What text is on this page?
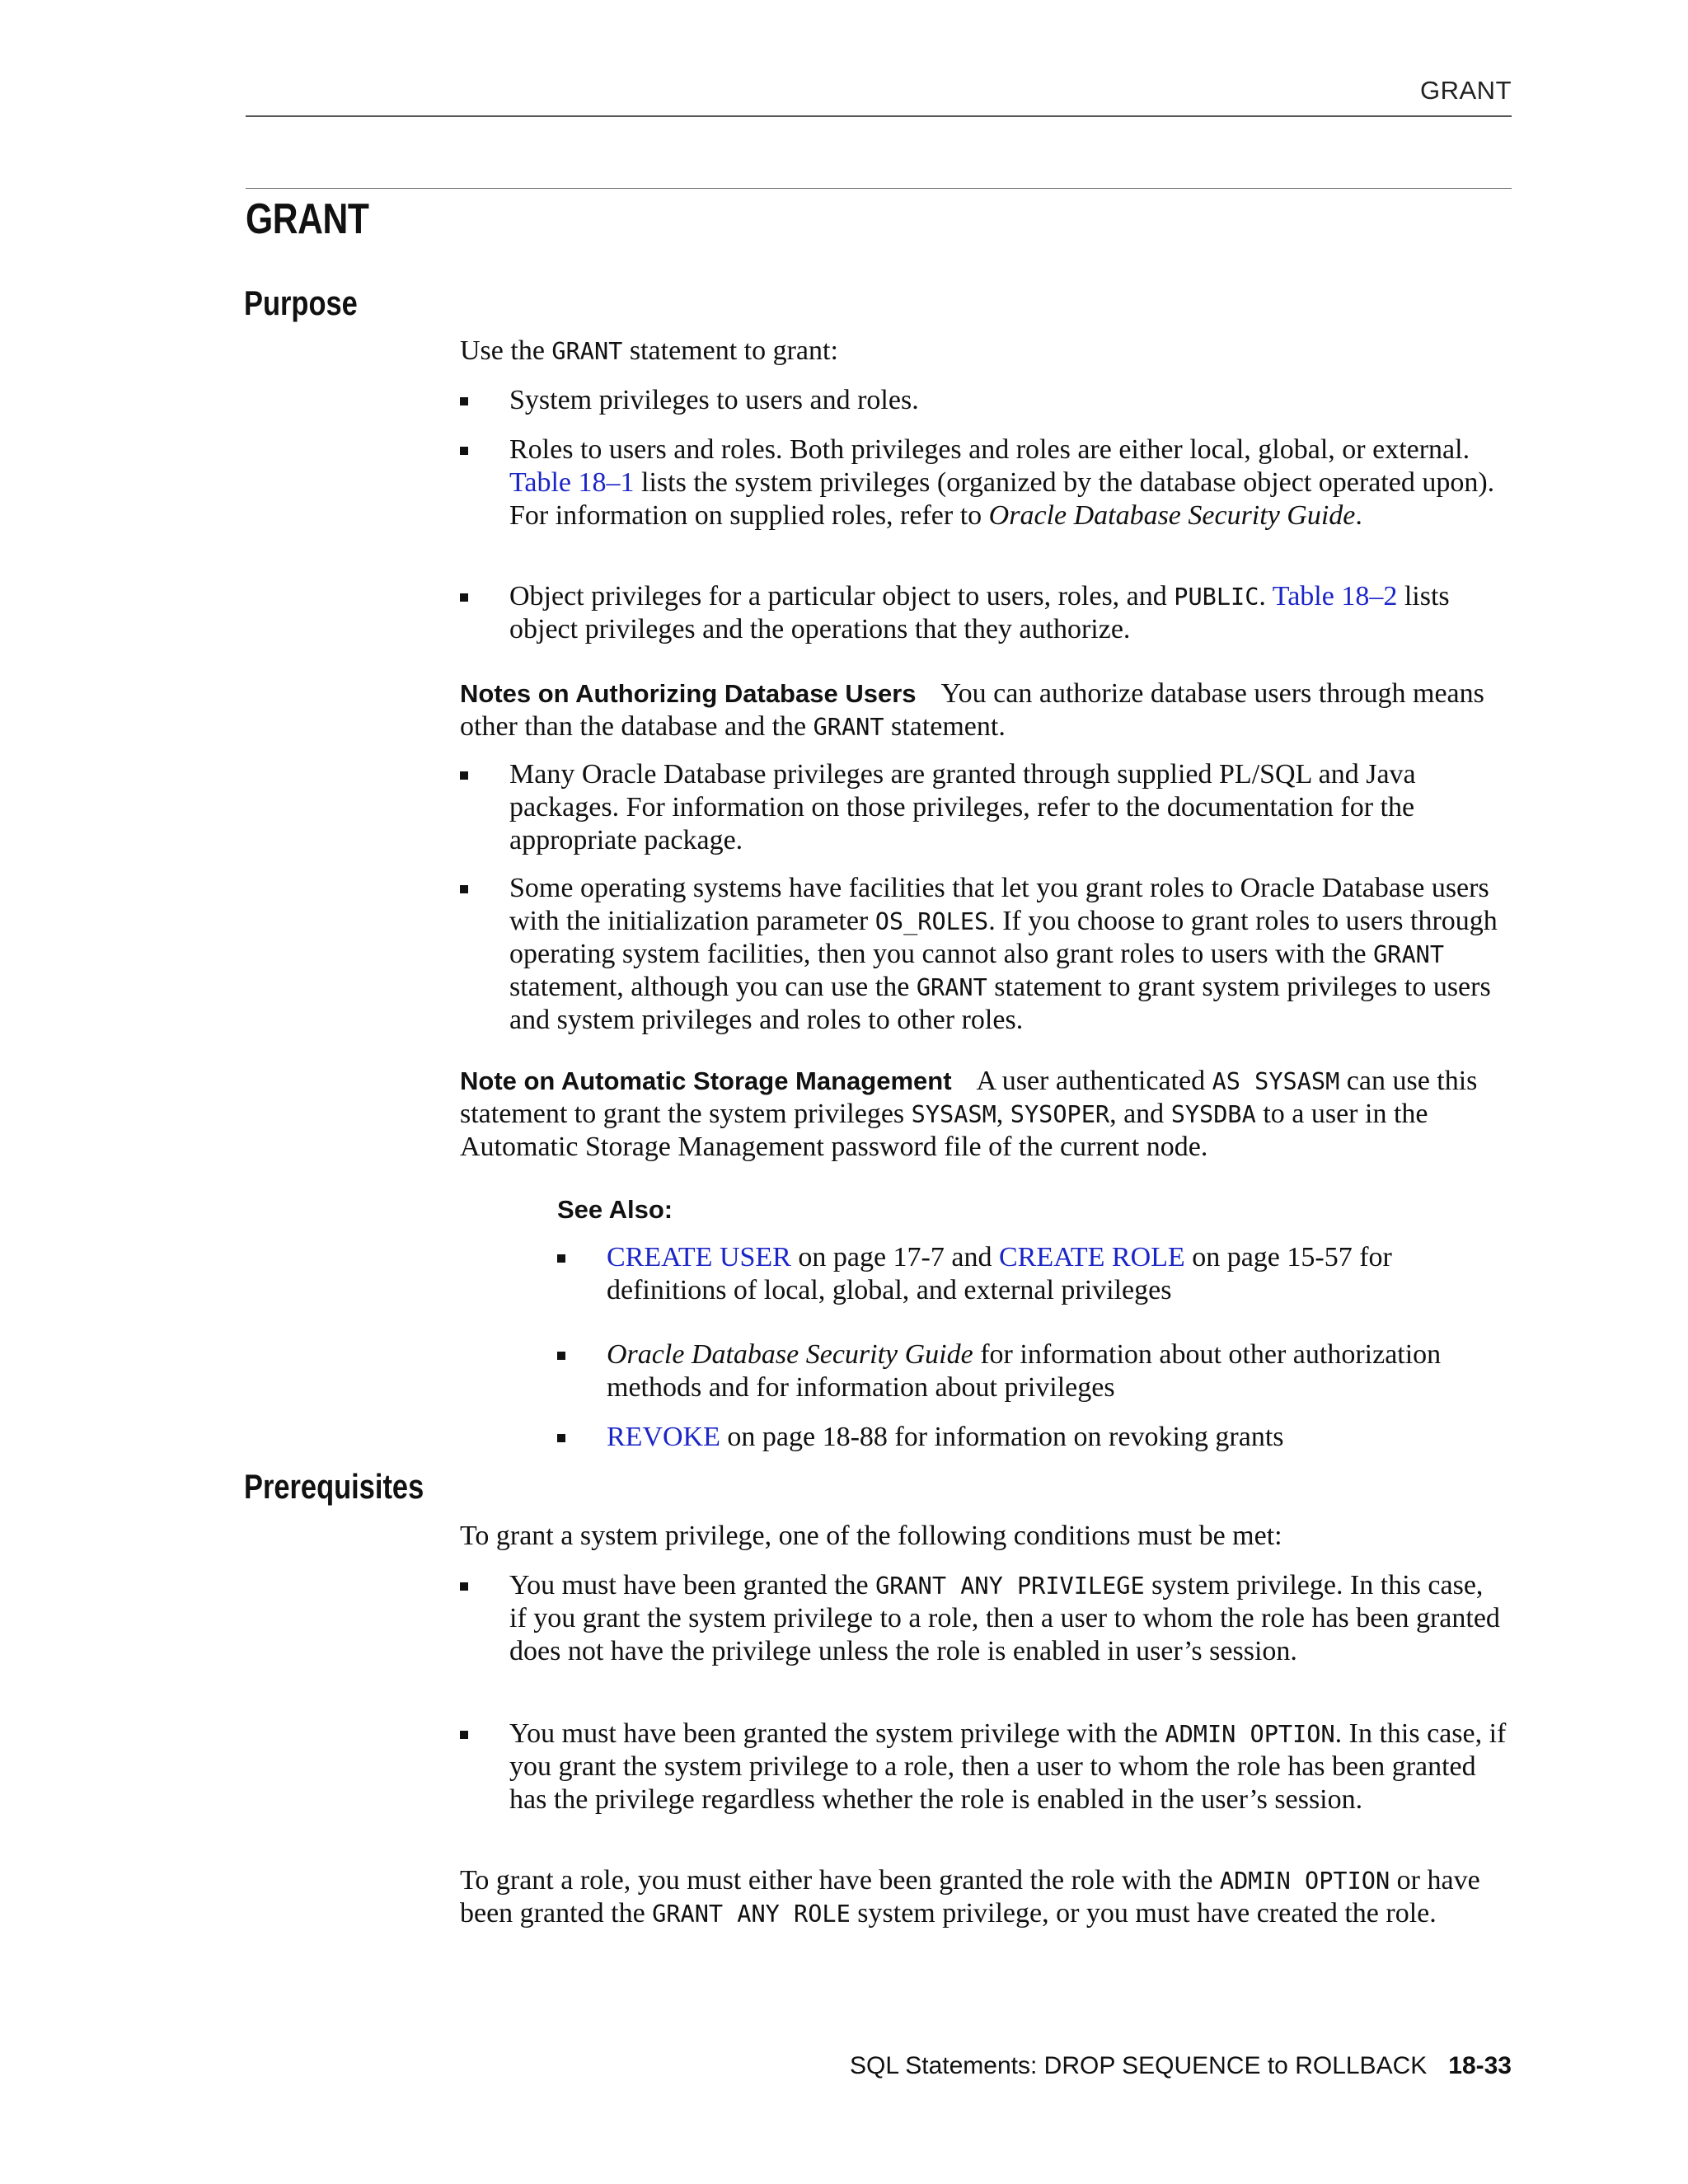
GRANT
GRANT
Purpose
Use the GRANT statement to grant:
System privileges to users and roles.
Roles to users and roles. Both privileges and roles are either local, global, or external. Table 18–1 lists the system privileges (organized by the database object operated upon). For information on supplied roles, refer to Oracle Database Security Guide.
Object privileges for a particular object to users, roles, and PUBLIC. Table 18–2 lists object privileges and the operations that they authorize.
Notes on Authorizing Database Users You can authorize database users through means other than the database and the GRANT statement.
Many Oracle Database privileges are granted through supplied PL/SQL and Java packages. For information on those privileges, refer to the documentation for the appropriate package.
Some operating systems have facilities that let you grant roles to Oracle Database users with the initialization parameter OS_ROLES. If you choose to grant roles to users through operating system facilities, then you cannot also grant roles to users with the GRANT statement, although you can use the GRANT statement to grant system privileges to users and system privileges and roles to other roles.
Note on Automatic Storage Management A user authenticated AS SYSASM can use this statement to grant the system privileges SYSASM, SYSOPER, and SYSDBA to a user in the Automatic Storage Management password file of the current node.
See Also:
CREATE USER on page 17-7 and CREATE ROLE on page 15-57 for definitions of local, global, and external privileges
Oracle Database Security Guide for information about other authorization methods and for information about privileges
REVOKE on page 18-88 for information on revoking grants
Prerequisites
To grant a system privilege, one of the following conditions must be met:
You must have been granted the GRANT ANY PRIVILEGE system privilege. In this case, if you grant the system privilege to a role, then a user to whom the role has been granted does not have the privilege unless the role is enabled in user’s session.
You must have been granted the system privilege with the ADMIN OPTION. In this case, if you grant the system privilege to a role, then a user to whom the role has been granted has the privilege regardless whether the role is enabled in the user’s session.
To grant a role, you must either have been granted the role with the ADMIN OPTION or have been granted the GRANT ANY ROLE system privilege, or you must have created the role.
SQL Statements: DROP SEQUENCE to ROLLBACK 18-33
